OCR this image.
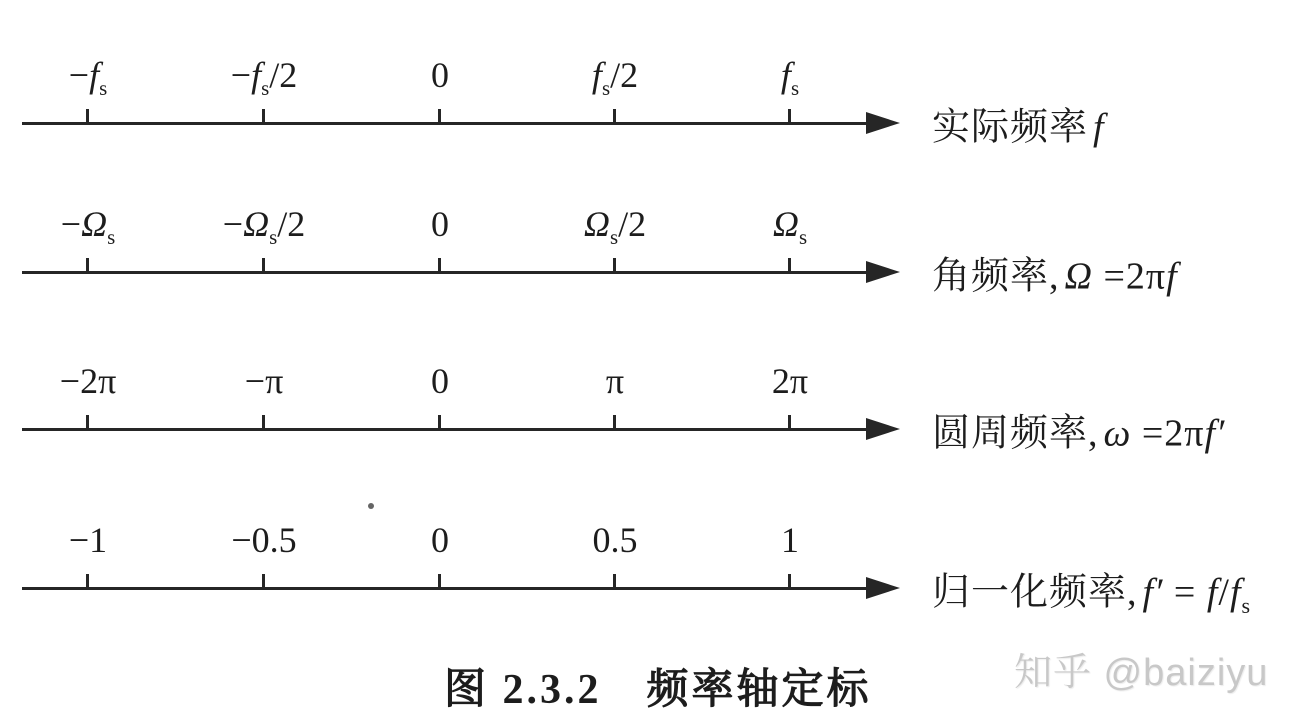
$-f_s$	$-f_s/2$	0	$f_s/2$	$f_s$
实际频率 f
$-\Omega_s$	$-\Omega_s/2$	0	$\Omega_s/2$	$\Omega_s$
角频率, Ω =2πf
−2π	−π	0	π	2π
圆周频率, ω =2πf′
−1	−0.5	0	0.5	1
归一化频率, $f' = f/f_s$
图 2.3.2　频率轴定标	知乎 @baiziyu
